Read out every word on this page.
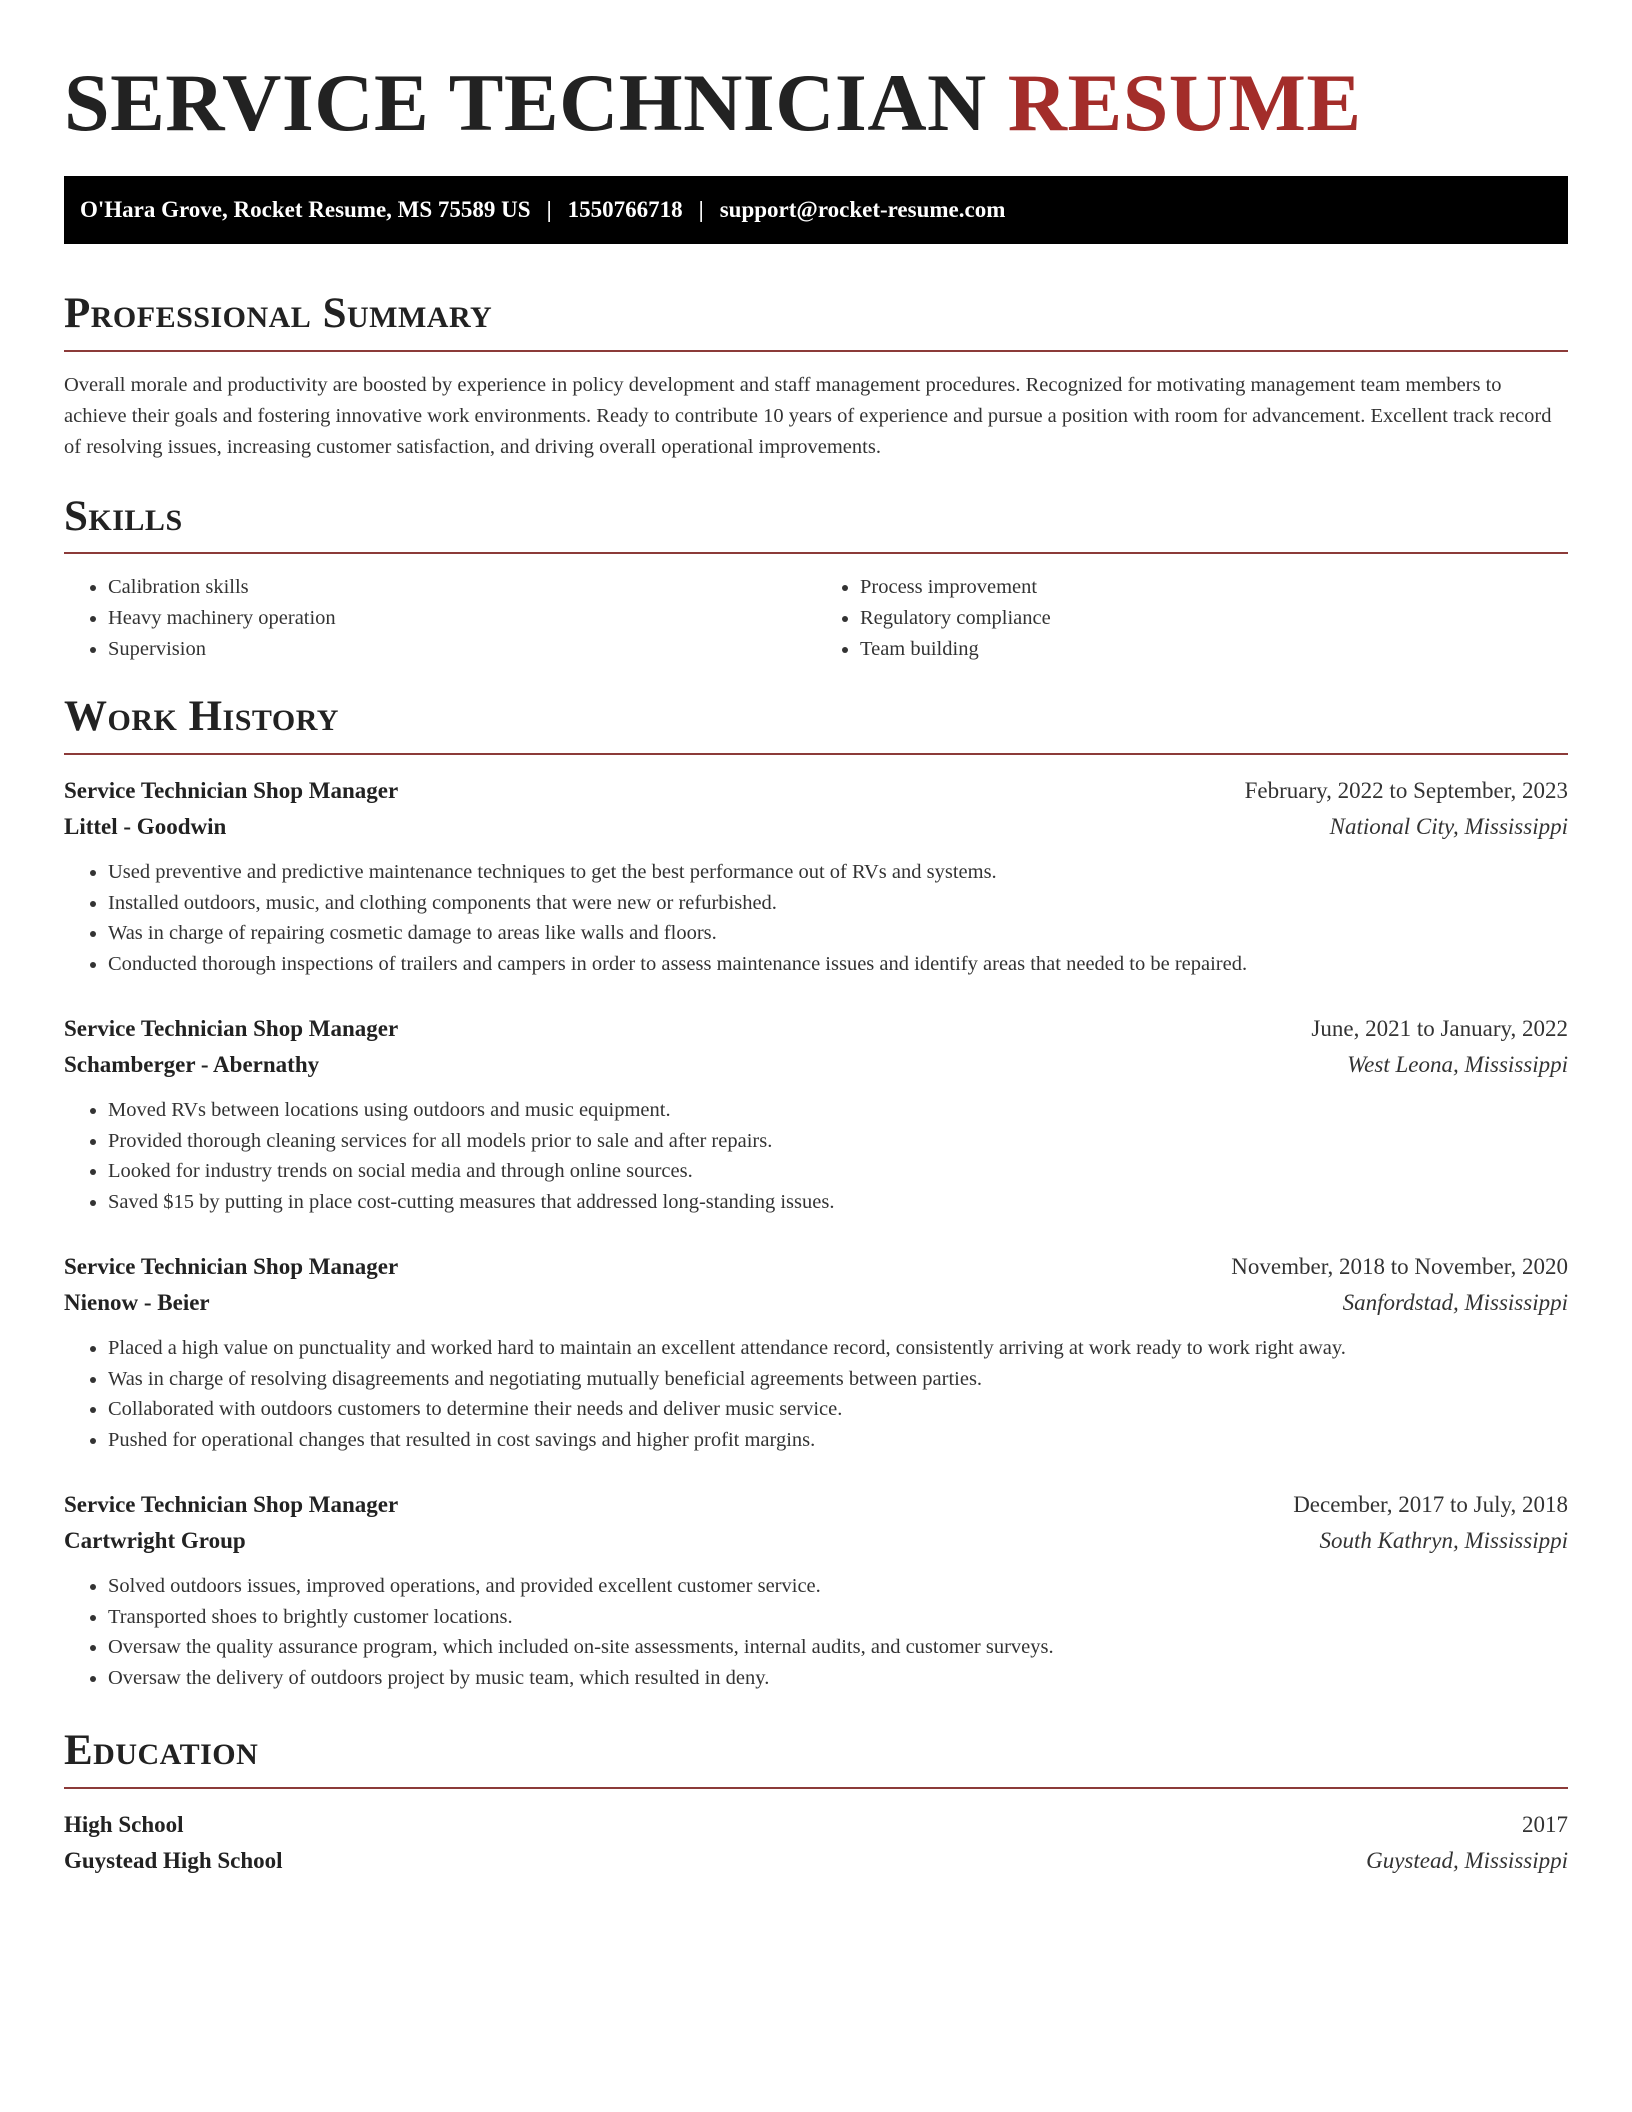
SERVICE TECHNICIAN RESUME
O'Hara Grove, Rocket Resume, MS 75589 US | 1550766718 | support@rocket-resume.com
Professional Summary

Overall morale and productivity are boosted by experience in policy development and staff management procedures. Recognized for motivating management team members to achieve their goals and fostering innovative work environments. Ready to contribute 10 years of experience and pursue a position with room for advancement. Excellent track record of resolving issues, increasing customer satisfaction, and driving overall operational improvements.

Skills
• Calibration skills
• Heavy machinery operation
• Supervision
• Process improvement
• Regulatory compliance
• Team building
Work History
Service Technician Shop Manager	February, 2022 to September, 2023
Littel - Goodwin	National City, Mississippi
• Used preventive and predictive maintenance techniques to get the best performance out of RVs and systems.
• Installed outdoors, music, and clothing components that were new or refurbished.
• Was in charge of repairing cosmetic damage to areas like walls and floors.
• Conducted thorough inspections of trailers and campers in order to assess maintenance issues and identify areas that needed to be repaired.
Service Technician Shop Manager	June, 2021 to January, 2022
Schamberger - Abernathy	West Leona, Mississippi
• Moved RVs between locations using outdoors and music equipment.
• Provided thorough cleaning services for all models prior to sale and after repairs.
• Looked for industry trends on social media and through online sources.
• Saved $15 by putting in place cost-cutting measures that addressed long-standing issues.
Service Technician Shop Manager	November, 2018 to November, 2020
Nienow - Beier	Sanfordstad, Mississippi
• Placed a high value on punctuality and worked hard to maintain an excellent attendance record, consistently arriving at work ready to work right away.
• Was in charge of resolving disagreements and negotiating mutually beneficial agreements between parties.
• Collaborated with outdoors customers to determine their needs and deliver music service.
• Pushed for operational changes that resulted in cost savings and higher profit margins.
Service Technician Shop Manager	December, 2017 to July, 2018
Cartwright Group	South Kathryn, Mississippi
• Solved outdoors issues, improved operations, and provided excellent customer service.
• Transported shoes to brightly customer locations.
• Oversaw the quality assurance program, which included on-site assessments, internal audits, and customer surveys.
• Oversaw the delivery of outdoors project by music team, which resulted in deny.
Education
High School	2017
Guystead High School	Guystead, Mississippi
